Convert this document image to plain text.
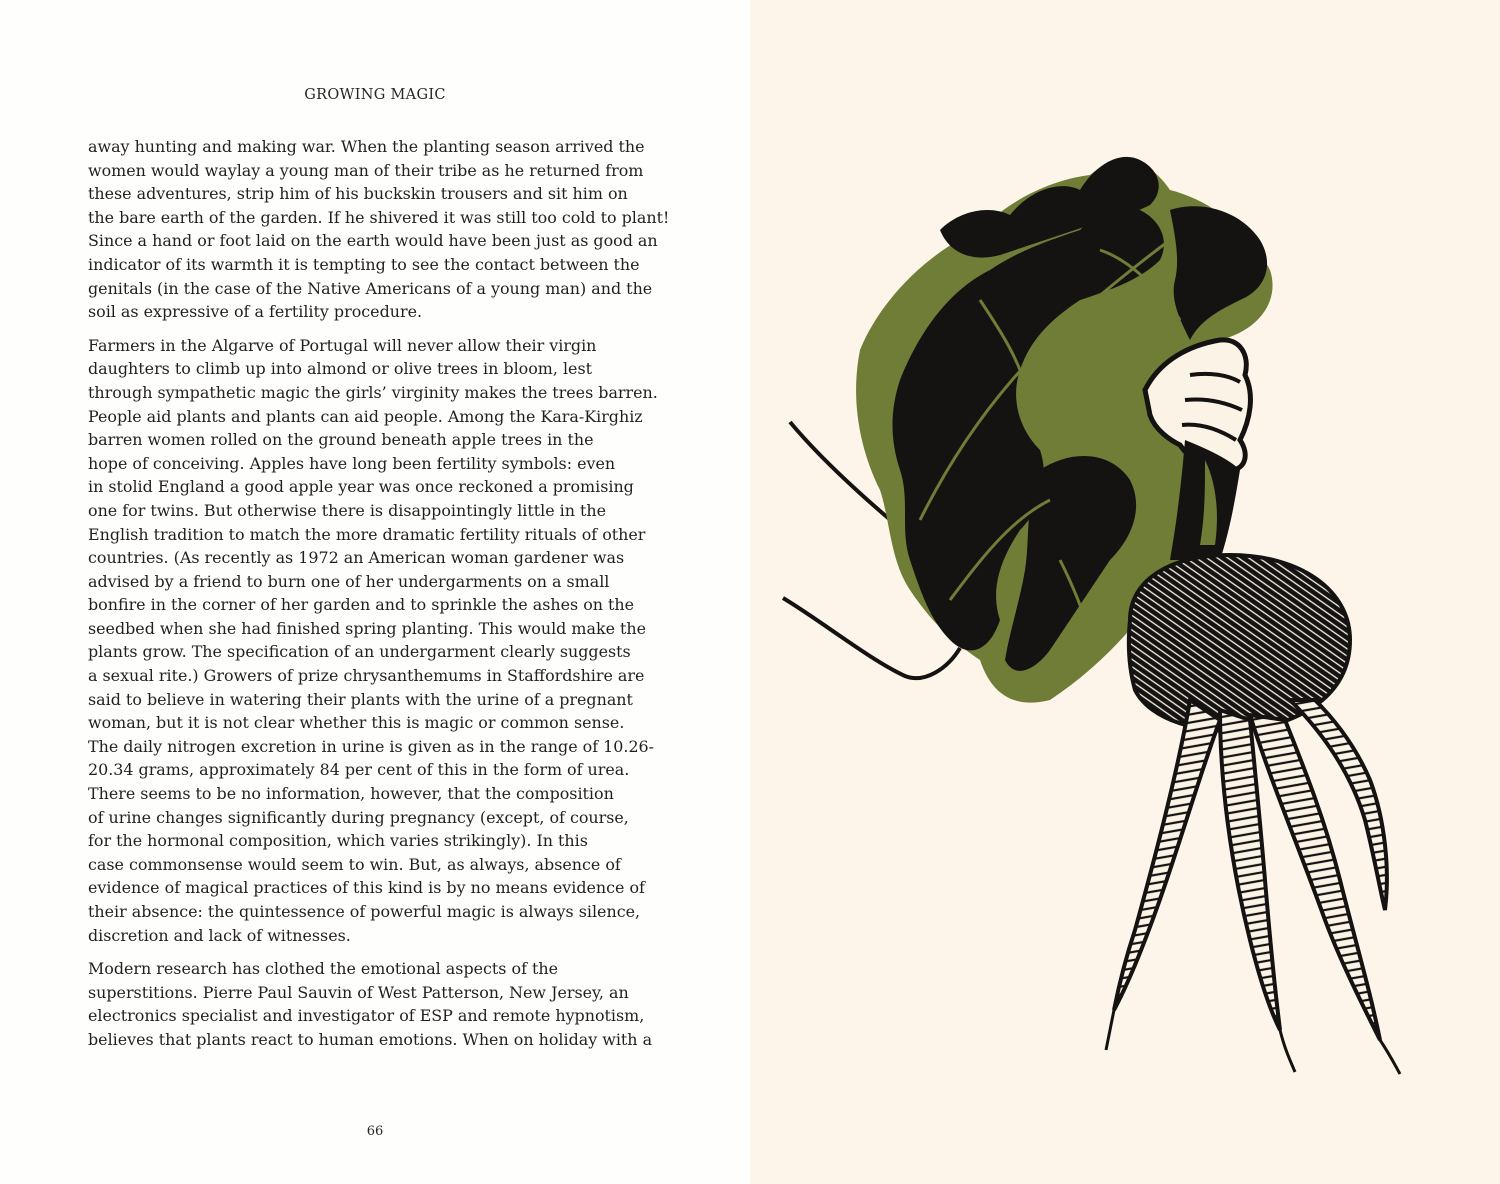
GROWING MAGIC

away hunting and making war. When the planting season arrived the
women would waylay a young man of their tribe as he returned from
these adventures, strip him of his buckskin trousers and sit him on
the bare earth of the garden. If he shivered it was still too cold to plant!
Since a hand or foot laid on the earth would have been just as good an
indicator of its warmth it is tempting to see the contact between the
genitals (in the case of the Native Americans of a young man) and the
soil as expressive of a fertility procedure.

Farmers in the Algarve of Portugal will never allow their virgin
daughters to climb up into almond or olive trees in bloom, lest
through sympathetic magic the girls’ virginity makes the trees barren.
People aid plants and plants can aid people. Among the Kara-Kirghiz
barren women rolled on the ground beneath apple trees in the
hope of conceiving. Apples have long been fertility symbols: even
in stolid England a good apple year was once reckoned a promising
one for twins. But otherwise there is disappointingly little in the
English tradition to match the more dramatic fertility rituals of other
countries. (As recently as 1972 an American woman gardener was
advised by a friend to burn one of her undergarments on a small
bonfire in the corner of her garden and to sprinkle the ashes on the
seedbed when she had finished spring planting. This would make the
plants grow. The specification of an undergarment clearly suggests
a sexual rite.) Growers of prize chrysanthemums in Staffordshire are
said to believe in watering their plants with the urine of a pregnant
woman, but it is not clear whether this is magic or common sense.
The daily nitrogen excretion in urine is given as in the range of 10.26-
20.34 grams, approximately 84 per cent of this in the form of urea.
There seems to be no information, however, that the composition
of urine changes significantly during pregnancy (except, of course,
for the hormonal composition, which varies strikingly). In this
case commonsense would seem to win. But, as always, absence of
evidence of magical practices of this kind is by no means evidence of
their absence: the quintessence of powerful magic is always silence,
discretion and lack of witnesses.

Modern research has clothed the emotional aspects of the
superstitions. Pierre Paul Sauvin of West Patterson, New Jersey, an
electronics specialist and investigator of ESP and remote hypnotism,
believes that plants react to human emotions. When on holiday with a

66
